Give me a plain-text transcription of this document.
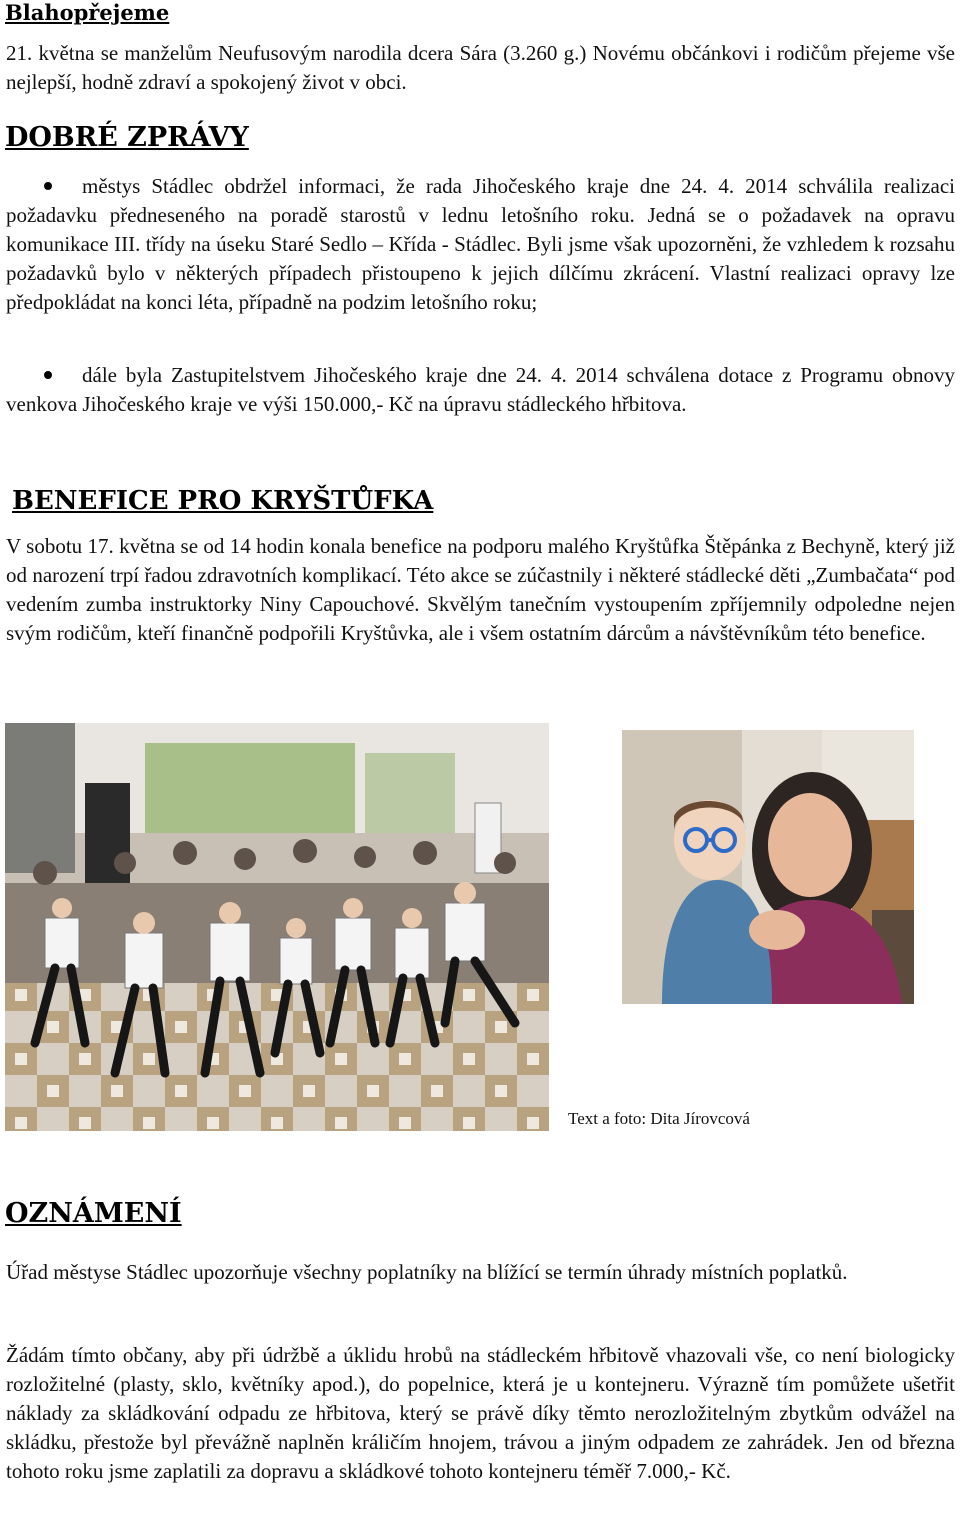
Blahopřejeme

21. května se manželům Neufusovým narodila dcera Sára (3.260 g.) Novému občánkovi i rodičům přejeme vše nejlepší, hodně zdraví a spokojený život v obci.

DOBRÉ ZPRÁVY

městys Stádlec obdržel informaci, že rada Jihočeského kraje dne 24. 4. 2014 schválila realizaci požadavku předneseného na poradě starostů v lednu letošního roku. Jedná se o požadavek na opravu komunikace III. třídy na úseku Staré Sedlo – Křída - Stádlec. Byli jsme však upozorněni, že vzhledem k rozsahu požadavků bylo v některých případech přistoupeno k jejich dílčímu zkrácení. Vlastní realizaci opravy lze předpokládat na konci léta, případně na podzim letošního roku;

dále byla Zastupitelstvem Jihočeského kraje dne 24. 4. 2014 schválena dotace z Programu obnovy venkova Jihočeského kraje ve výši 150.000,- Kč na úpravu stádleckého hřbitova.

BENEFICE PRO KRYŠTŮFKA

V sobotu 17. května se od 14 hodin konala benefice na podporu malého Kryštůfka Štěpánka z Bechyně, který již od narození trpí řadou zdravotních komplikací. Této akce se zúčastnily i některé stádlecké děti „Zumbačata“ pod vedením zumba instruktorky Niny Capouchové. Skvělým tanečním vystoupením zpříjemnily odpoledne nejen svým rodičům, kteří finančně podpořili Kryštůvka, ale i všem ostatním dárcům a návštěvníkům této benefice.

Text a foto: Dita Jírovcová
OZNÁMENÍ

Úřad městyse Stádlec upozorňuje všechny poplatníky na blížící se termín úhrady místních poplatků.

Žádám tímto občany, aby při údržbě a úklidu hrobů na stádleckém hřbitově vhazovali vše, co není biologicky rozložitelné (plasty, sklo, květníky apod.), do popelnice, která je u kontejneru. Výrazně tím pomůžete ušetřit náklady za skládkování odpadu ze hřbitova, který se právě díky těmto nerozložitelným zbytkům odvážel na skládku, přestože byl převážně naplněn králičím hnojem, trávou a jiným odpadem ze zahrádek. Jen od března tohoto roku jsme zaplatili za dopravu a skládkové tohoto kontejneru téměř 7.000,- Kč.
